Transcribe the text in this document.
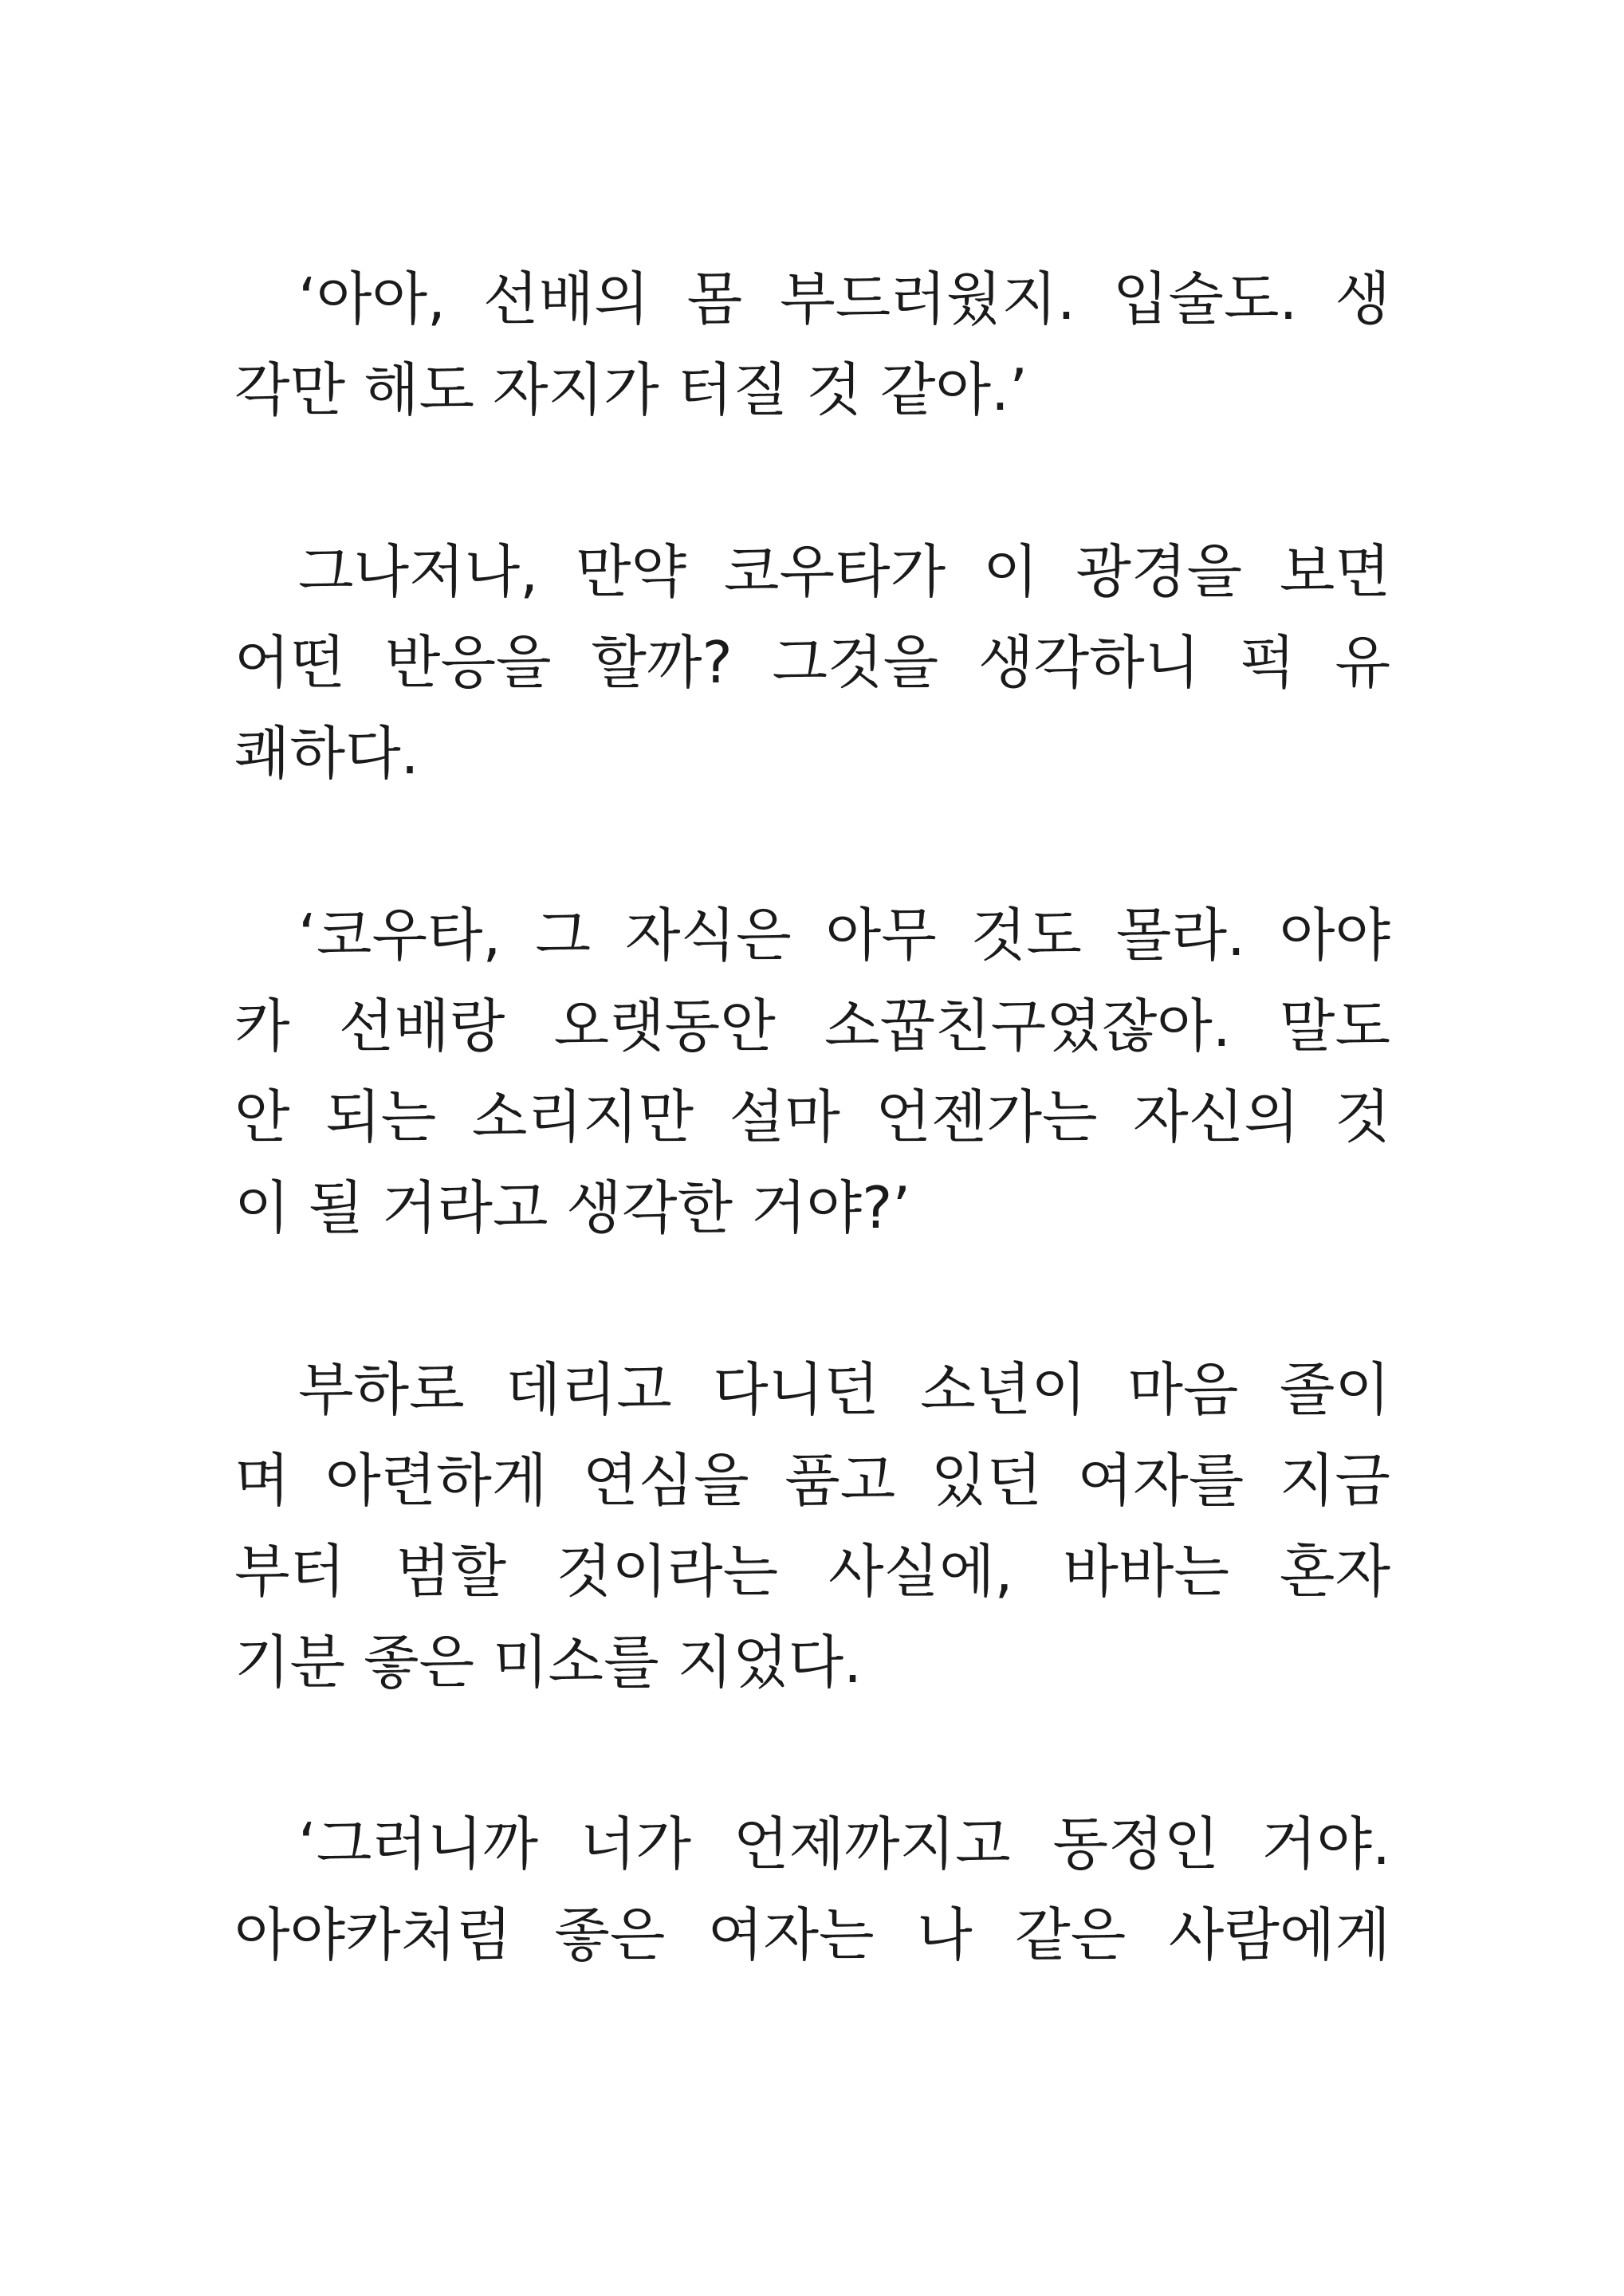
‘아아, 선배의 몸 부드러웠지. 입술도. 생
각만 해도 자지가 터질 것 같아.’
그나저나, 만약 코우타가 이 광경을 보면
어떤 반응을 할까? 그것을 생각하니 퍽 유
쾌하다.
‘코우타, 그 자식은 아무 것도 몰라. 아야
카 선배랑 오랫동안 소꿉친구였잖아. 말도
안 되는 소리지만 설마 언젠가는 자신의 것
이 될 거라고 생각한 거야?’
부하로 데리고 다니던 소년이 마음 졸이
며 아련하게 연심을 품고 있던 여자를 지금
부터 범할 것이라는 사실에, 바바는 혼자
기분 좋은 미소를 지었다.
‘그러니까 너가 언제까지고 동정인 거야.
아야카처럼 좋은 여자는 나 같은 사람에게
